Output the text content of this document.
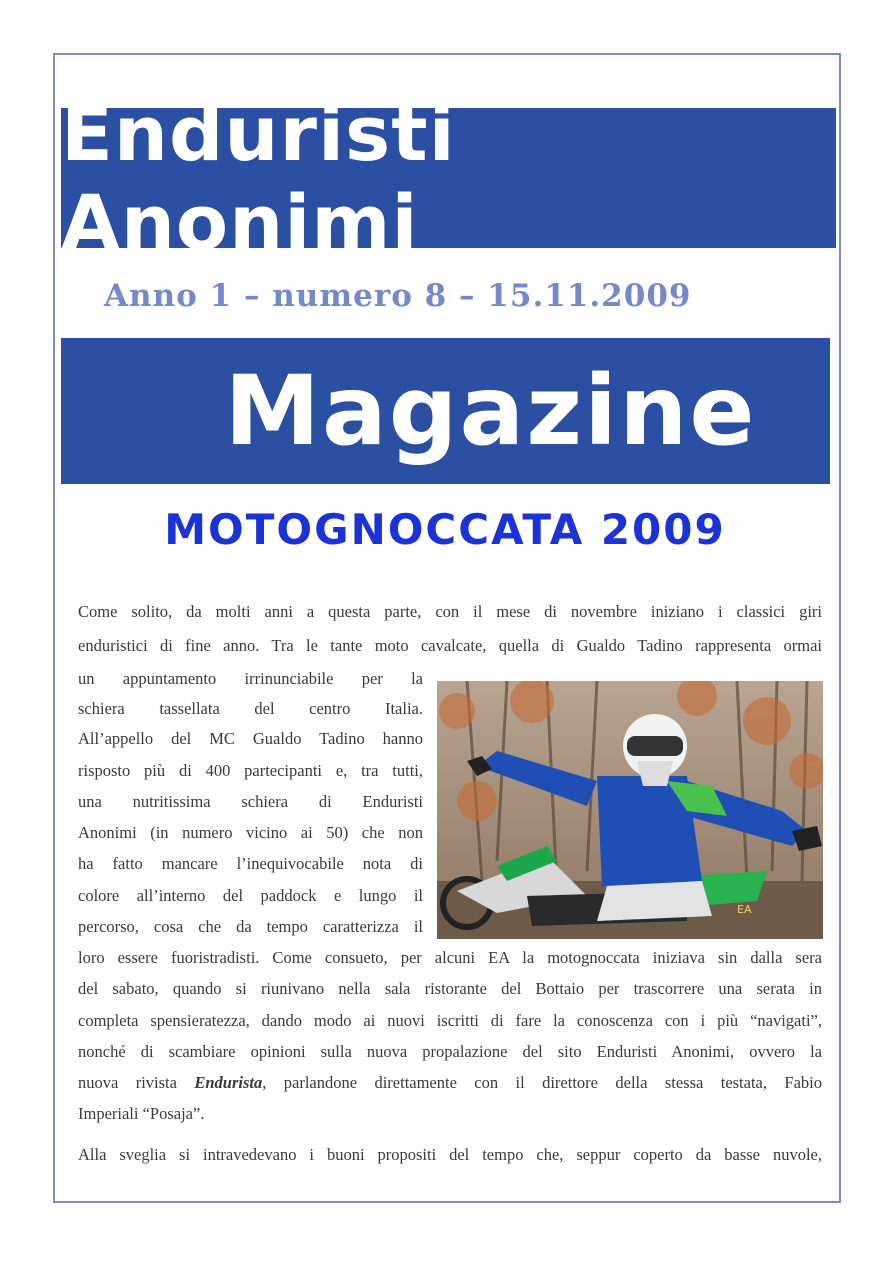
Enduristi Anonimi
Anno 1 – numero 8 – 15.11.2009
Magazine
MOTOGNOCCATA 2009
Come solito, da molti anni a questa parte, con il mese di novembre iniziano i classici giri
enduristici di fine anno. Tra le tante moto cavalcate, quella di Gualdo Tadino rappresenta ormai
un appuntamento irrinunciabile per la
schiera tassellata del centro Italia.
All’appello del MC Gualdo Tadino hanno
risposto più di 400 partecipanti e, tra tutti,
una nutritissima schiera di Enduristi
Anonimi (in numero vicino ai 50) che non
ha fatto mancare l’inequivocabile nota di
colore all’interno del paddock e lungo il
percorso, cosa che da tempo caratterizza il
loro essere fuoristradisti. Come consueto, per alcuni EA la motognoccata iniziava sin dalla sera
del sabato, quando si riunivano nella sala ristorante del Bottaio per trascorrere una serata in
completa spensieratezza, dando modo ai nuovi iscritti di fare la conoscenza con i più “navigati”,
nonché di scambiare opinioni sulla nuova propalazione del sito Enduristi Anonimi, ovvero la
nuova rivista Endurista, parlandone direttamente con il direttore della stessa testata, Fabio
Imperiali “Posaja”.
Alla sveglia si intravedevano i buoni propositi del tempo che, seppur coperto da basse nuvole,
EA
